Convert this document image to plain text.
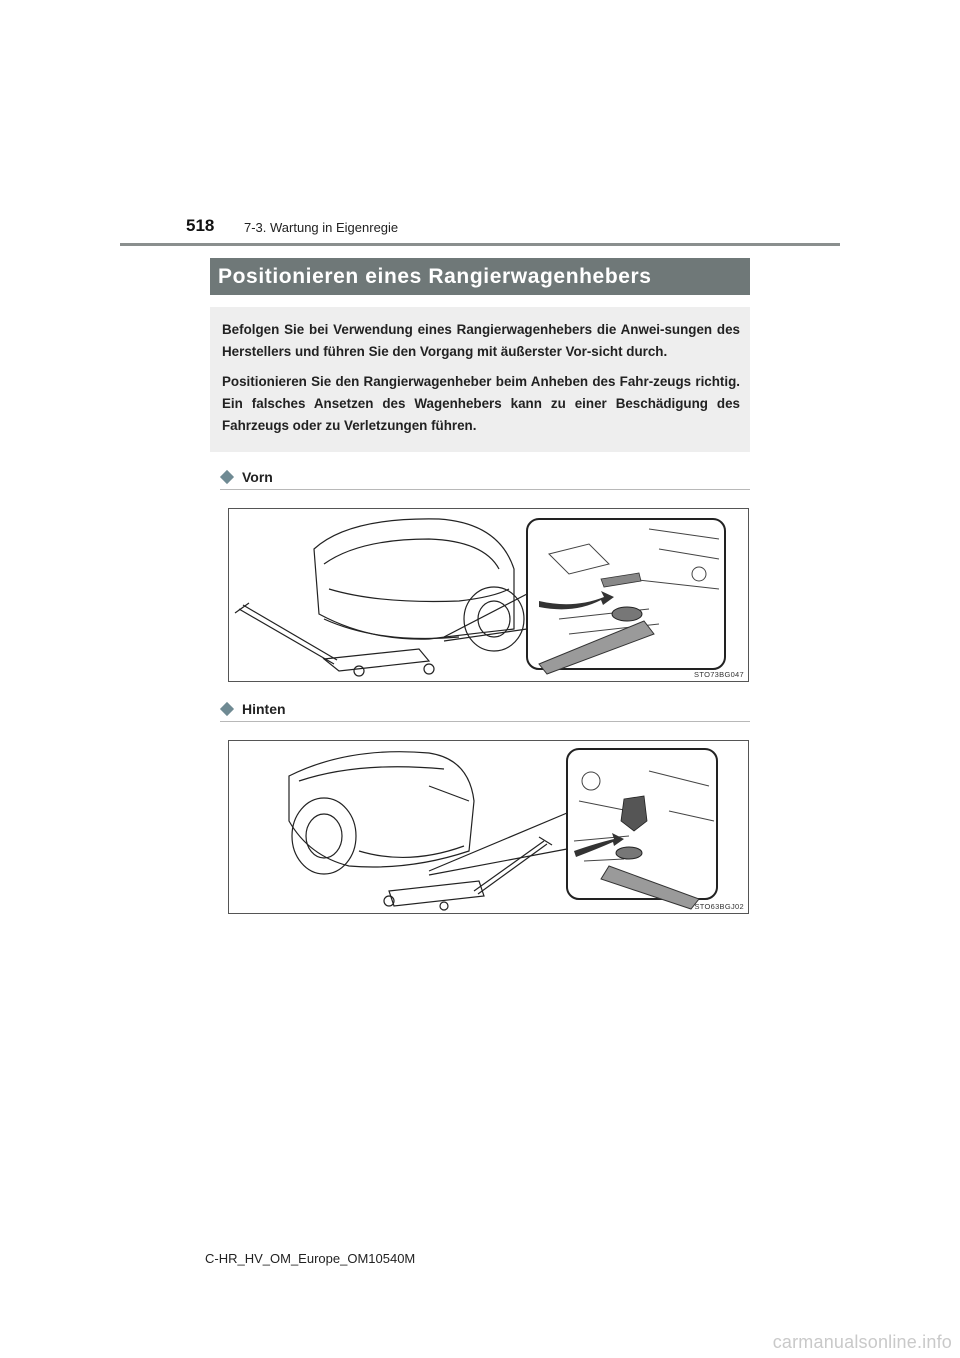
518 7-3. Wartung in Eigenregie
Positionieren eines Rangierwagenhebers

Befolgen Sie bei Verwendung eines Rangierwagenhebers die Anwei-sungen des Herstellers und führen Sie den Vorgang mit äußerster Vor-sicht durch.

Positionieren Sie den Rangierwagenheber beim Anheben des Fahr-zeugs richtig. Ein falsches Ansetzen des Wagenhebers kann zu einer Beschädigung des Fahrzeugs oder zu Verletzungen führen.

Vorn
STO73BG047
Hinten
STO63BGJ02
C-HR_HV_OM_Europe_OM10540M
carmanualsonline.info
